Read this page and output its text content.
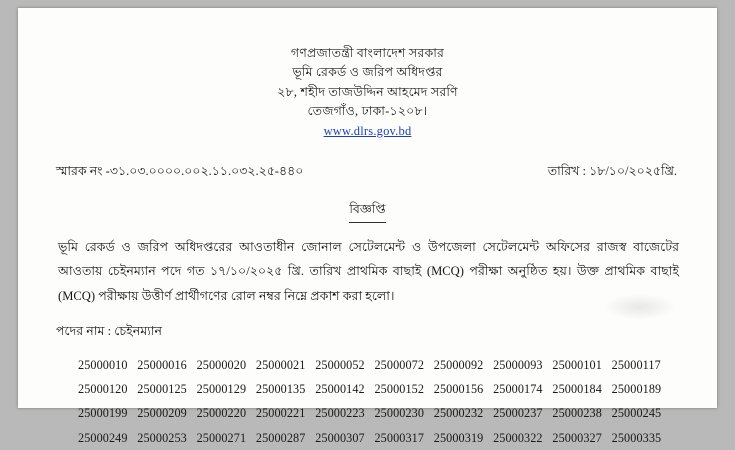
গণপ্রজাতন্ত্রী বাংলাদেশ সরকার
ভূমি রেকর্ড ও জরিপ অধিদপ্তর
২৮, শহীদ তাজউদ্দিন আহমেদ সরণি
তেজগাঁও, ঢাকা-১২০৮।
www.dlrs.gov.bd
স্মারক নং -৩১.০৩.০০০০.০০২.১১.০৩২.২৫-৪৪০	তারিখ : ১৮/১০/২০২৫খ্রি.
বিজ্ঞপ্তি
ভূমি রেকর্ড ও জরিপ অধিদপ্তরের আওতাধীন জোনাল সেটেলমেন্ট ও উপজেলা সেটেলমেন্ট অফিসের রাজস্ব বাজেটের আওতায় চেইনম্যান পদে গত ১৭/১০/২০২৫ খ্রি. তারিখ প্রাথমিক বাছাই (MCQ) পরীক্ষা অনুষ্ঠিত হয়। উক্ত প্রাথমিক বাছাই (MCQ) পরীক্ষায় উত্তীর্ণ প্রার্থীগণের রোল নম্বর নিম্নে প্রকাশ করা হলো।
পদের নাম : চেইনম্যান
25000010 25000016 25000020 25000021 25000052 25000072 25000092 25000093 25000101 25000117
25000120 25000125 25000129 25000135 25000142 25000152 25000156 25000174 25000184 25000189
25000199 25000209 25000220 25000221 25000223 25000230 25000232 25000237 25000238 25000245
25000249 25000253 25000271 25000287 25000307 25000317 25000319 25000322 25000327 25000335
